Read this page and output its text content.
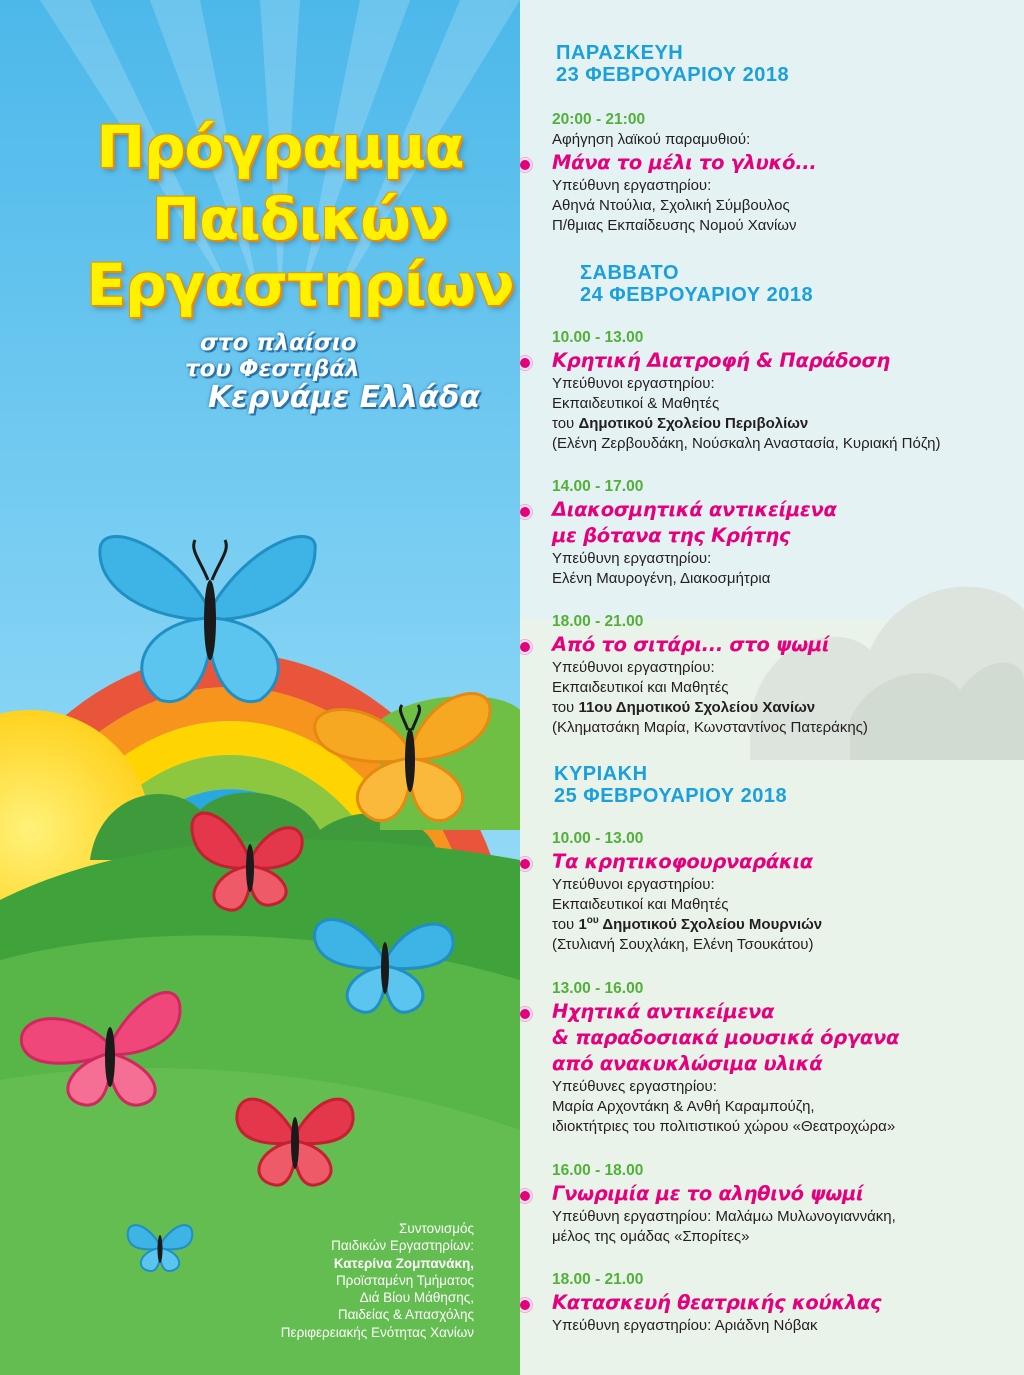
Πρόγραμμα
Παιδικών
Εργαστηρίων
στο πλαίσιο
του Φεστιβάλ
Κερνάμε Ελλάδα
Συντονισμός
Παιδικών Εργαστηρίων:
Κατερίνα Ζομπανάκη,
Προϊσταμένη Τμήματος
Διά Βίου Μάθησης,
Παιδείας & Απασχόλης
Περιφερειακής Ενότητας Χανίων
ΠΑΡΑΣΚΕΥΗ
23 ΦΕΒΡΟΥΑΡΙΟΥ 2018
20:00 - 21:00
Αφήγηση λαϊκού παραμυθιού:
Μάνα το μέλι το γλυκό...
Υπεύθυνη εργαστηρίου:
Αθηνά Ντούλια, Σχολική Σύμβουλος
Π/θμιας Εκπαίδευσης Νομού Χανίων
ΣΑΒΒΑΤΟ
24 ΦΕΒΡΟΥΑΡΙΟΥ 2018
10.00 - 13.00
Κρητική Διατροφή & Παράδοση
Υπεύθυνοι εργαστηρίου:
Εκπαιδευτικοί & Μαθητές
του Δημοτικού Σχολείου Περιβολίων
(Ελένη Ζερβουδάκη, Νούσκαλη Αναστασία, Κυριακή Πόζη)
14.00 - 17.00
Διακοσμητικά αντικείμενα
με βότανα της Κρήτης
Υπεύθυνη εργαστηρίου:
Ελένη Μαυρογένη, Διακοσμήτρια
18.00 - 21.00
Από το σιτάρι... στο ψωμί
Υπεύθυνοι εργαστηρίου:
Εκπαιδευτικοί και Μαθητές
του 11ου Δημοτικού Σχολείου Χανίων
(Κληματσάκη Μαρία, Κωνσταντίνος Πατεράκης)
ΚΥΡΙΑΚΗ
25 ΦΕΒΡΟΥΑΡΙΟΥ 2018
10.00 - 13.00
Τα κρητικοφουρναράκια
Υπεύθυνοι εργαστηρίου:
Εκπαιδευτικοί και Μαθητές
του $1^{o\upsilon}$ Δημοτικού Σχολείου Μουρνιών
(Στυλιανή Σουχλάκη, Ελένη Τσουκάτου)
13.00 - 16.00
Ηχητικά αντικείμενα
& παραδοσιακά μουσικά όργανα
από ανακυκλώσιμα υλικά
Υπεύθυνες εργαστηρίου:
Μαρία Αρχοντάκη & Ανθή Καραμπούζη,
ιδιοκτήτριες του πολιτιστικού χώρου «Θεατροχώρα»
16.00 - 18.00
Γνωριμία με το αληθινό ψωμί
Υπεύθυνη εργαστηρίου: Μαλάμω Μυλωνογιαννάκη,
μέλος της ομάδας «Σπορίτες»
18.00 - 21.00
Κατασκευή θεατρικής κούκλας
Υπεύθυνη εργαστηρίου: Αριάδνη Νόβακ
